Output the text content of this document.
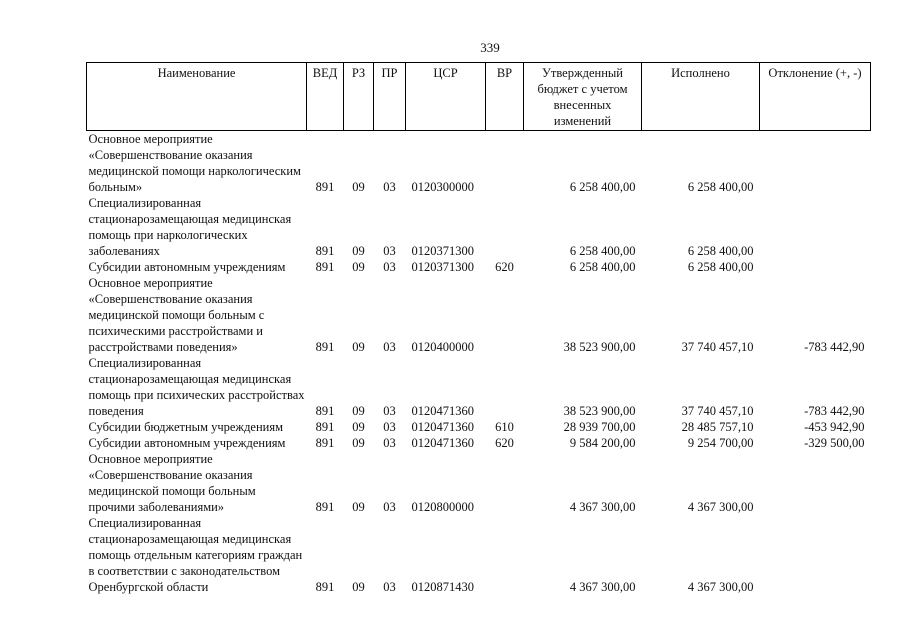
339
Наименование	ВЕД	РЗ	ПР	ЦСР	ВР	Утвержденный бюджет с учетом внесенных изменений	Исполнено	Отклонение (+, -)
Основное мероприятие «Совершенствование оказания медицинской помощи наркологическим больным»	891	09	03	0120300000		6 258 400,00	6 258 400,00	
Специализированная стационарозамещающая медицинская помощь при наркологических заболеваниях	891	09	03	0120371300		6 258 400,00	6 258 400,00	
Субсидии автономным учреждениям	891	09	03	0120371300	620	6 258 400,00	6 258 400,00	
Основное мероприятие «Совершенствование оказания медицинской помощи больным с психическими расстройствами и расстройствами поведения»	891	09	03	0120400000		38 523 900,00	37 740 457,10	-783 442,90
Специализированная стационарозамещающая медицинская помощь при психических расстройствах поведения	891	09	03	0120471360		38 523 900,00	37 740 457,10	-783 442,90
Субсидии бюджетным учреждениям	891	09	03	0120471360	610	28 939 700,00	28 485 757,10	-453 942,90
Субсидии автономным учреждениям	891	09	03	0120471360	620	9 584 200,00	9 254 700,00	-329 500,00
Основное мероприятие «Совершенствование оказания медицинской помощи больным прочими заболеваниями»	891	09	03	0120800000		4 367 300,00	4 367 300,00	
Специализированная стационарозамещающая медицинская помощь отдельным категориям граждан в соответствии с законодательством Оренбургской области	891	09	03	0120871430		4 367 300,00	4 367 300,00	
